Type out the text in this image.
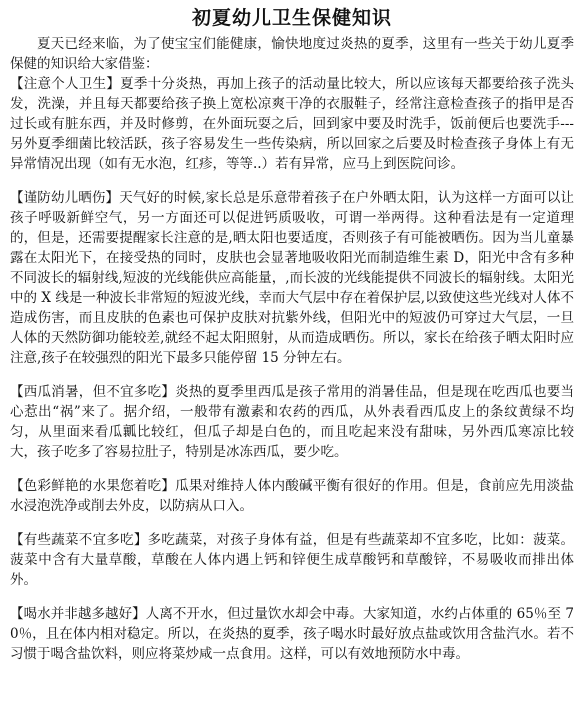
初夏幼儿卫生保健知识

夏天已经来临，为了使宝宝们能健康，愉快地度过炎热的夏季，这里有一些关于幼儿夏季保健的知识给大家借鉴：

【注意个人卫生】夏季十分炎热，再加上孩子的活动量比较大，所以应该每天都要给孩子洗头发，洗澡，并且每天都要给孩子换上宽松凉爽干净的衣服鞋子，经常注意检查孩子的指甲是否过长或有脏东西，并及时修剪，在外面玩耍之后，回到家中要及时洗手，饭前便后也要洗手---另外夏季细菌比较活跃，孩子容易发生一些传染病，所以回家之后要及时检查孩子身体上有无异常情况出现（如有无水泡，红疹，等等..）若有异常，应马上到医院问诊。

【谨防幼儿晒伤】天气好的时候,家长总是乐意带着孩子在户外晒太阳，认为这样一方面可以让孩子呼吸新鲜空气，另一方面还可以促进钙质吸收，可谓一举两得。这种看法是有一定道理的，但是，还需要提醒家长注意的是,晒太阳也要适度，否则孩子有可能被晒伤。因为当儿童暴露在太阳光下，在接受热的同时，皮肤也会显著地吸收阳光而制造维生素 D，阳光中含有多种不同波长的辐射线,短波的光线能供应高能量，,而长波的光线能提供不同波长的辐射线。太阳光中的 X 线是一种波长非常短的短波光线，幸而大气层中存在着保护层,以致使这些光线对人体不造成伤害，而且皮肤的色素也可保护皮肤对抗紫外线，但阳光中的短波仍可穿过大气层，一旦人体的天然防御功能较差,就经不起太阳照射，从而造成晒伤。所以，家长在给孩子晒太阳时应注意,孩子在较强烈的阳光下最多只能停留 15 分钟左右。

【西瓜消暑，但不宜多吃】炎热的夏季里西瓜是孩子常用的消暑佳品，但是现在吃西瓜也要当心惹出“祸”来了。据介绍，一般带有激素和农药的西瓜，从外表看西瓜皮上的条纹黄绿不均匀，从里面来看瓜瓤比较红，但瓜子却是白色的，而且吃起来没有甜味，另外西瓜寒凉比较大，孩子吃多了容易拉肚子，特别是冰冻西瓜，要少吃。

【色彩鲜艳的水果您着吃】瓜果对维持人体内酸碱平衡有很好的作用。但是，食前应先用淡盐水浸泡洗净或削去外皮，以防病从口入。

【有些蔬菜不宜多吃】多吃蔬菜，对孩子身体有益，但是有些蔬菜却不宜多吃，比如：菠菜。菠菜中含有大量草酸，草酸在人体内遇上钙和锌便生成草酸钙和草酸锌，不易吸收而排出体外。

【喝水并非越多越好】人离不开水，但过量饮水却会中毒。大家知道，水约占体重的 65％至 70％，且在体内相对稳定。所以，在炎热的夏季，孩子喝水时最好放点盐或饮用含盐汽水。若不习惯于喝含盐饮料，则应将菜炒咸一点食用。这样，可以有效地预防水中毒。
